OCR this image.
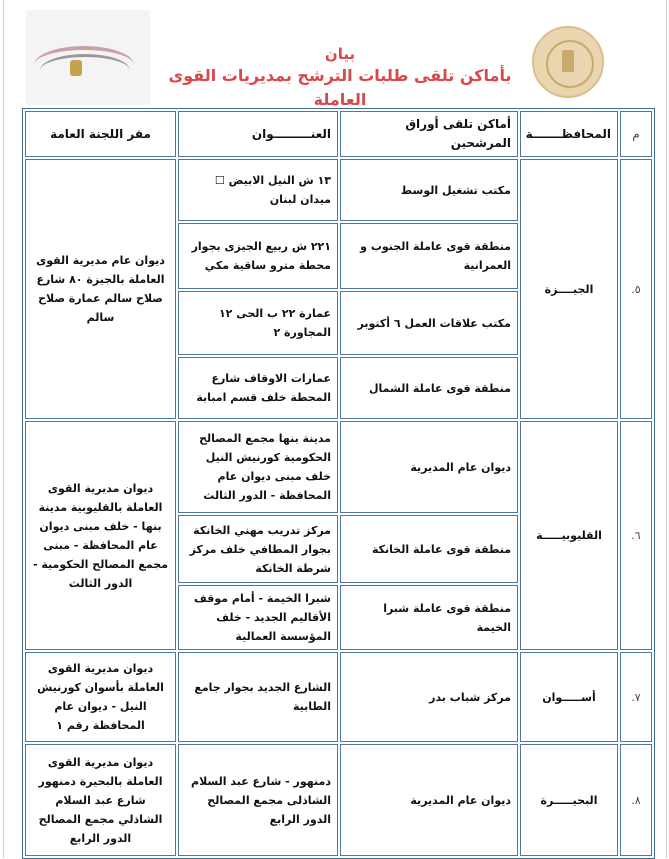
بيان
بأماكن تلقى طلبات الترشح بمديريات القوى العاملة
م	المحافظـــــــة	أماكن تلقى أوراق المرشحين	العنـــــــــوان	مقر اللجنة العامة
٥.	الجيــــزة	مكتب تشغيل الوسط	١٣ ش النيل الابيض ☐ ميدان لبنان	ديوان عام مديرية القوى العاملة بالجيزة ٨٠ شارع صلاح سالم عمارة صلاح سالم
		منطقة قوى عاملة الجنوب و العمرانية	٢٢١ ش ربيع الجيزى بجوار محطة مترو ساقية مكي	
		مكتب علاقات العمل ٦ أكتوبر	عمارة ٢٢ ب الحى ١٢ المجاورة ٢	
		منطقة قوى عاملة الشمال	عمارات الاوقاف شارع المحطة خلف قسم امبابة	
٦.	القليوبيـــــة	ديوان عام المديرية	مدينة بنها مجمع المصالح الحكومية كورنيش النيل خلف مبنى ديوان عام المحافظة - الدور الثالث	ديوان مديرية القوى العاملة بالقليوبية مدينة بنها - خلف مبنى ديوان عام المحافظة - مبنى مجمع المصالح الحكومية - الدور الثالث
		منطقة قوى عاملة الخانكة	مركز تدريب مهني الخانكة بجوار المطافي خلف مركز شرطة الخانكة	
		منطقة قوى عاملة شبرا الخيمة	شبرا الخيمة - أمام موقف الأقاليم الجديد - خلف المؤسسة العمالية	
٧.	أســـــوان	مركز شباب بدر	الشارع الجديد بجوار جامع الطابية	ديوان مديرية القوى العاملة بأسوان كورنيش النيل - ديوان عام المحافظة رقم ١
٨.	البحيـــــرة	ديوان عام المديرية	دمنهور - شارع عبد السلام الشاذلى مجمع المصالح الدور الرابع	ديوان مديرية القوى العاملة بالبحيرة دمنهور شارع عبد السلام الشاذلي مجمع المصالح الدور الرابع
